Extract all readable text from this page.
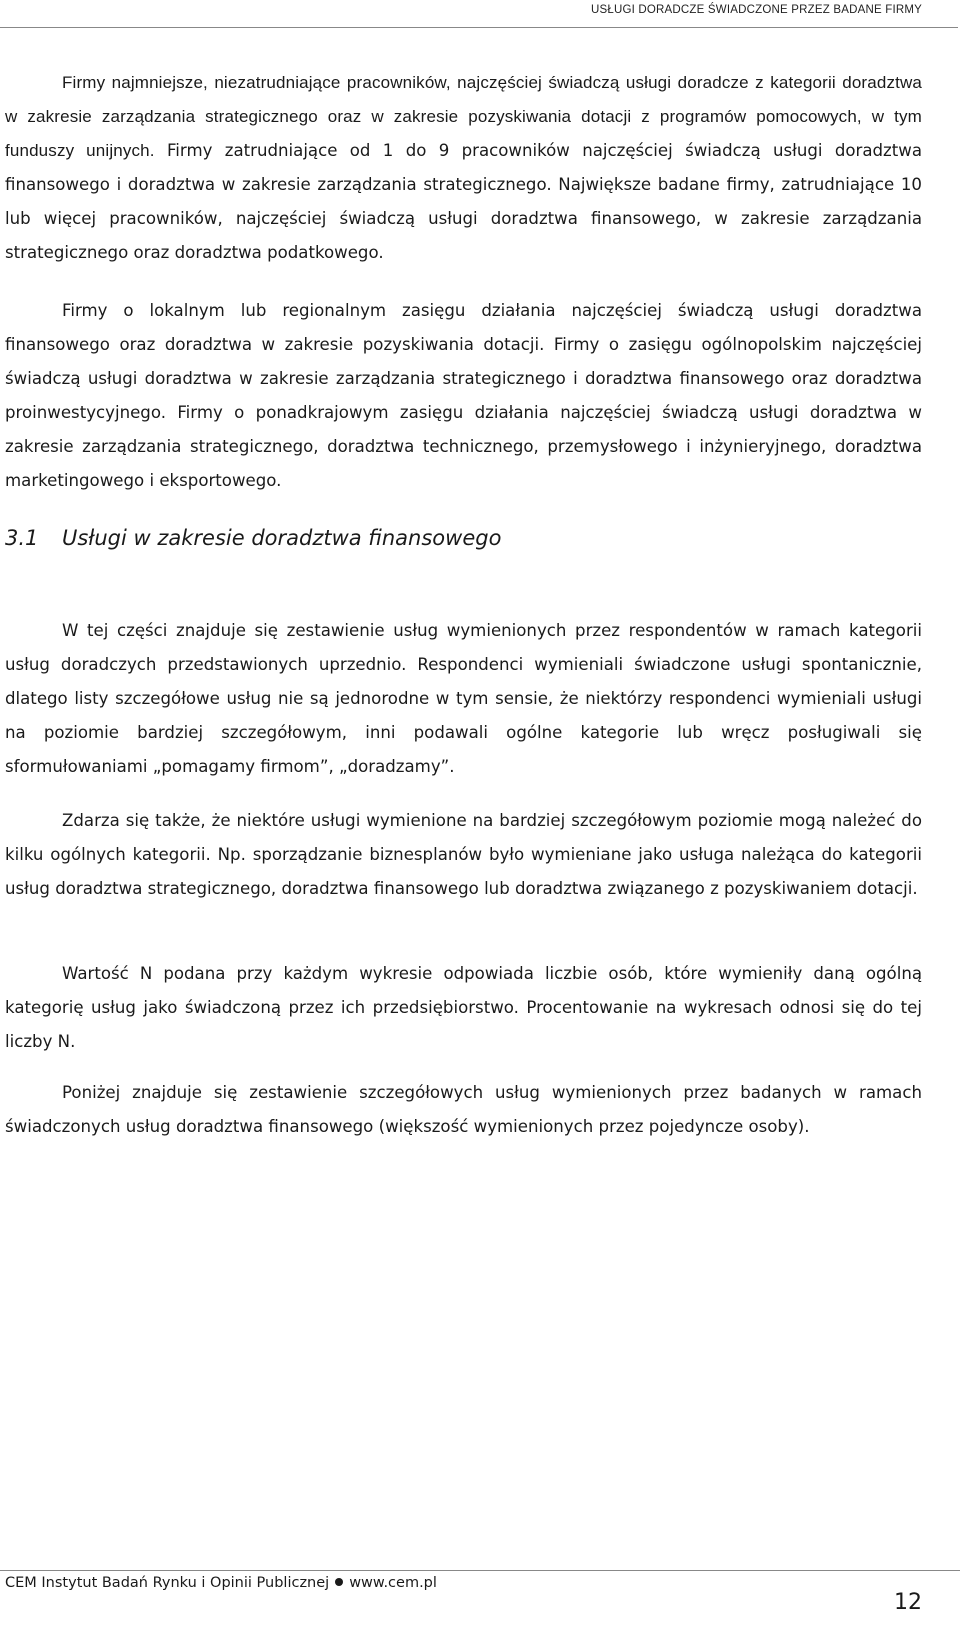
USŁUGI DORADCZE ŚWIADCZONE PRZEZ BADANE FIRMY

Firmy najmniejsze, niezatrudniające pracowników, najczęściej świadczą usługi doradcze z kategorii doradztwa w zakresie zarządzania strategicznego oraz w zakresie pozyskiwania dotacji z programów pomocowych, w tym funduszy unijnych. Firmy zatrudniające od 1 do 9 pracowników najczęściej świadczą usługi doradztwa finansowego i doradztwa w zakresie zarządzania strategicznego. Największe badane firmy, zatrudniające 10 lub więcej pracowników, najczęściej świadczą usługi doradztwa finansowego, w zakresie zarządzania strategicznego oraz doradztwa podatkowego.

Firmy o lokalnym lub regionalnym zasięgu działania najczęściej świadczą usługi doradztwa finansowego oraz doradztwa w zakresie pozyskiwania dotacji. Firmy o zasięgu ogólnopolskim najczęściej świadczą usługi doradztwa w zakresie zarządzania strategicznego i doradztwa finansowego oraz doradztwa proinwestycyjnego. Firmy o ponadkrajowym zasięgu działania najczęściej świadczą usługi doradztwa w zakresie zarządzania strategicznego, doradztwa technicznego, przemysłowego i inżynieryjnego, doradztwa marketingowego i eksportowego.

3.1 Usługi w zakresie doradztwa finansowego

W tej części znajduje się zestawienie usług wymienionych przez respondentów w ramach kategorii usług doradczych przedstawionych uprzednio. Respondenci wymieniali świadczone usługi spontanicznie, dlatego listy szczegółowe usług nie są jednorodne w tym sensie, że niektórzy respondenci wymieniali usługi na poziomie bardziej szczegółowym, inni podawali ogólne kategorie lub wręcz posługiwali się sformułowaniami „pomagamy firmom”, „doradzamy”.

Zdarza się także, że niektóre usługi wymienione na bardziej szczegółowym poziomie mogą należeć do kilku ogólnych kategorii. Np. sporządzanie biznesplanów było wymieniane jako usługa należąca do kategorii usług doradztwa strategicznego, doradztwa finansowego lub doradztwa związanego z pozyskiwaniem dotacji.

Wartość N podana przy każdym wykresie odpowiada liczbie osób, które wymieniły daną ogólną kategorię usług jako świadczoną przez ich przedsiębiorstwo. Procentowanie na wykresach odnosi się do tej liczby N.

Poniżej znajduje się zestawienie szczegółowych usług wymienionych przez badanych w ramach świadczonych usług doradztwa finansowego (większość wymienionych przez pojedyncze osoby).

CEM Instytut Badań Rynku i Opinii Publicznej www.cem.pl
12
